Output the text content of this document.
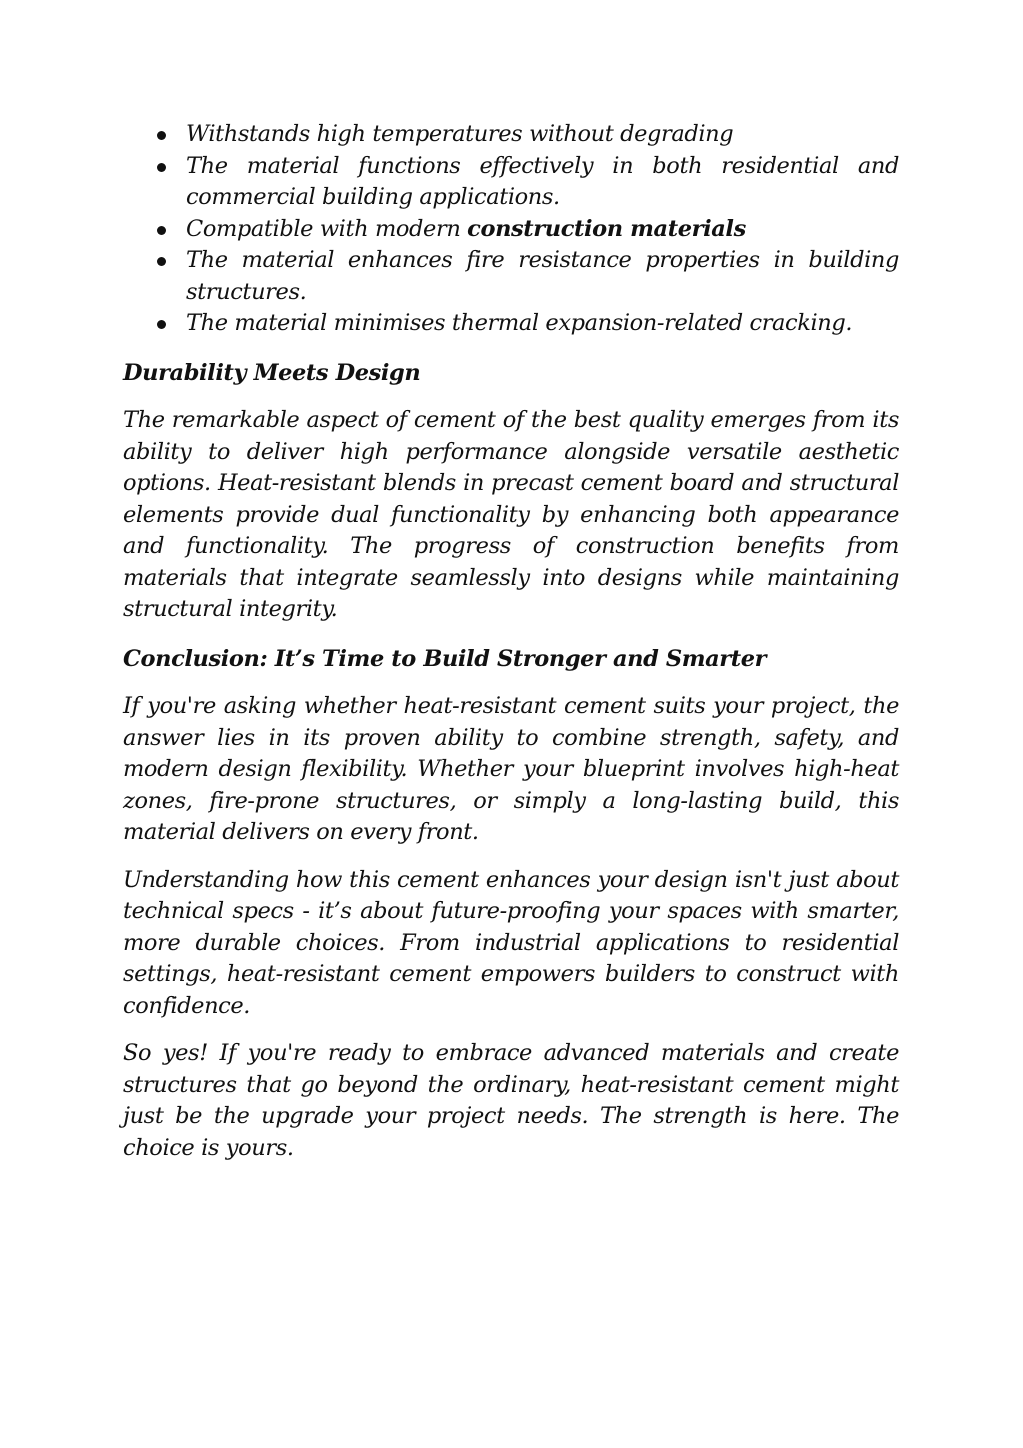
Withstands high temperatures without degrading
The material functions effectively in both residential and commercial building applications.
Compatible with modern construction materials
The material enhances fire resistance properties in building structures.
The material minimises thermal expansion-related cracking.
Durability Meets Design

The remarkable aspect of cement of the best quality emerges from its ability to deliver high performance alongside versatile aesthetic options. Heat-resistant blends in precast cement board and structural elements provide dual functionality by enhancing both appearance and functionality. The progress of construction benefits from materials that integrate seamlessly into designs while maintaining structural integrity.

Conclusion: It’s Time to Build Stronger and Smarter

If you're asking whether heat-resistant cement suits your project, the answer lies in its proven ability to combine strength, safety, and modern design flexibility. Whether your blueprint involves high-heat zones, fire-prone structures, or simply a long-lasting build, this material delivers on every front.

Understanding how this cement enhances your design isn't just about technical specs - it’s about future-proofing your spaces with smarter, more durable choices. From industrial applications to residential settings, heat-resistant cement empowers builders to construct with confidence.

So yes! If you're ready to embrace advanced materials and create structures that go beyond the ordinary, heat-resistant cement might just be the upgrade your project needs. The strength is here. The choice is yours.
